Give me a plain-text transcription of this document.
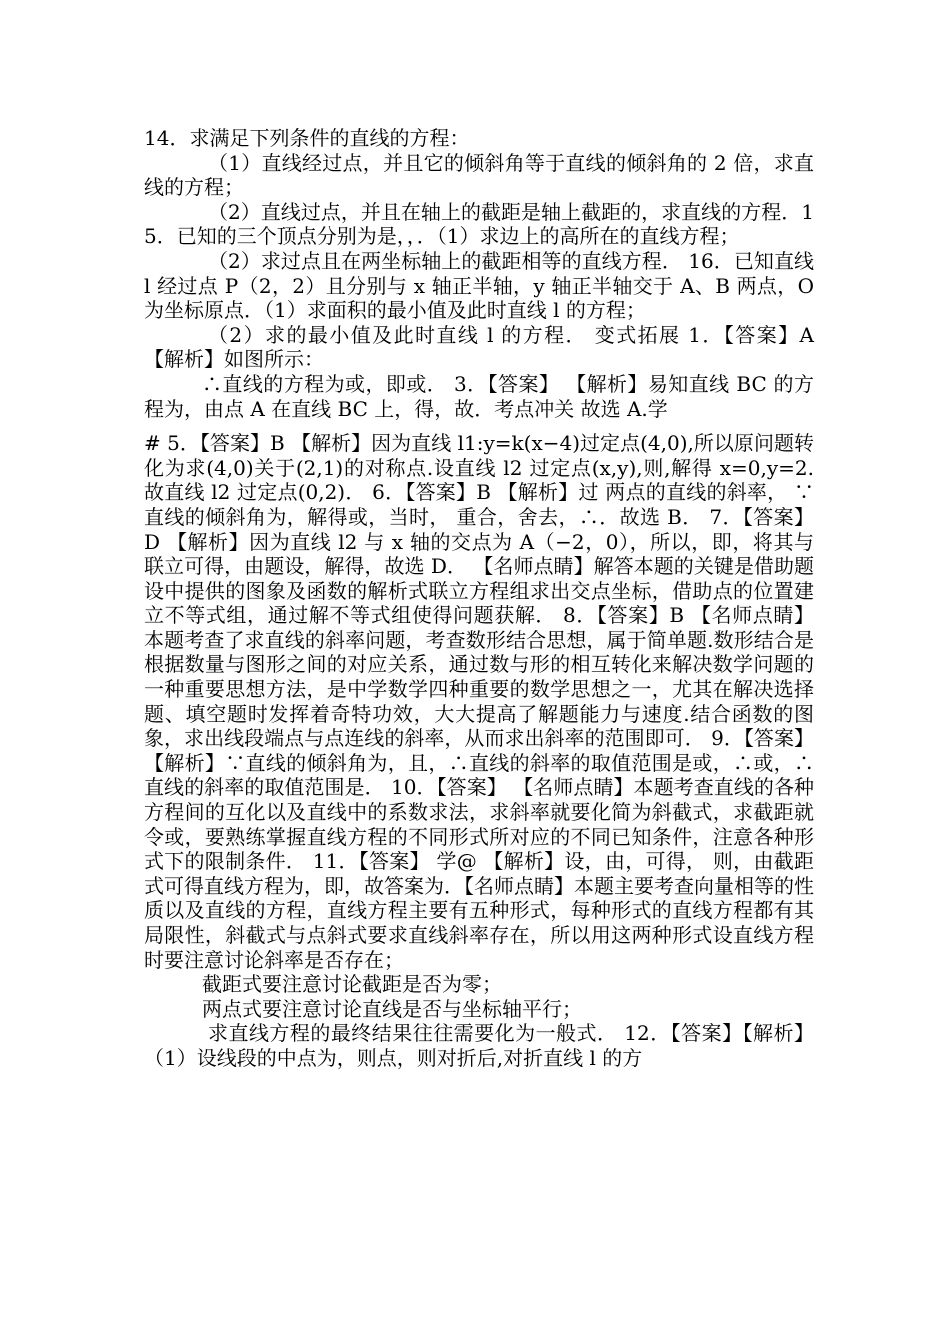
14．求满足下列条件的直线的方程：

（1）直线经过点，并且它的倾斜角等于直线的倾斜角的 2 倍，求直线的方程；

（2）直线过点，并且在轴上的截距是轴上截距的，求直线的方程．15．已知的三个顶点分别为是，，．（1）求边上的高所在的直线方程；

（2）求过点且在两坐标轴上的截距相等的直线方程． 16．已知直线 l 经过点 P（2，2）且分别与 x 轴正半轴，y 轴正半轴交于 A、B 两点，O 为坐标原点．（1）求面积的最小值及此时直线 l 的方程；

（2）求的最小值及此时直线 l 的方程． 变式拓展 1．【答案】A 【解析】如图所示：

∴直线的方程为或，即或． 3．【答案】 【解析】易知直线 BC 的方程为，由点 A 在直线 BC 上，得，故．考点冲关 故选 A.学

# 5．【答案】B 【解析】因为直线 l1:y=k(x−4)过定点(4,0),所以原问题转化为求(4,0)关于(2,1)的对称点.设直线 l2 过定点(x,y),则,解得 x=0,y=2.故直线 l2 过定点(0,2)． 6．【答案】B 【解析】过 两点的直线的斜率， ∵直线的倾斜角为，解得或，当时， 重合，舍去，∴．故选 B． 7．【答案】D 【解析】因为直线 l2 与 x 轴的交点为 A（−2，0），所以，即，将其与联立可得，由题设，解得，故选 D． 【名师点睛】解答本题的关键是借助题设中提供的图象及函数的解析式联立方程组求出交点坐标，借助点的位置建立不等式组，通过解不等式组使得问题获解． 8．【答案】B 【名师点睛】本题考查了求直线的斜率问题，考查数形结合思想，属于简单题.数形结合是根据数量与图形之间的对应关系，通过数与形的相互转化来解决数学问题的一种重要思想方法，是中学数学四种重要的数学思想之一，尤其在解决选择题、填空题时发挥着奇特功效，大大提高了解题能力与速度.结合函数的图象，求出线段端点与点连线的斜率，从而求出斜率的范围即可． 9．【答案】 【解析】∵直线的倾斜角为，且，∴直线的斜率的取值范围是或，∴或，∴直线的斜率的取值范围是． 10．【答案】 【名师点睛】本题考查直线的各种方程间的互化以及直线中的系数求法，求斜率就要化简为斜截式，求截距就令或，要熟练掌握直线方程的不同形式所对应的不同已知条件，注意各种形式下的限制条件． 11．【答案】 学@ 【解析】设，由，可得， 则，由截距式可得直线方程为，即，故答案为．【名师点睛】本题主要考查向量相等的性质以及直线的方程，直线方程主要有五种形式，每种形式的直线方程都有其局限性，斜截式与点斜式要求直线斜率存在，所以用这两种形式设直线方程时要注意讨论斜率是否存在；

截距式要注意讨论截距是否为零；

两点式要注意讨论直线是否与坐标轴平行；

求直线方程的最终结果往往需要化为一般式． 12．【答案】【解析】（1）设线段的中点为，则点，则对折后,对折直线 l 的方
